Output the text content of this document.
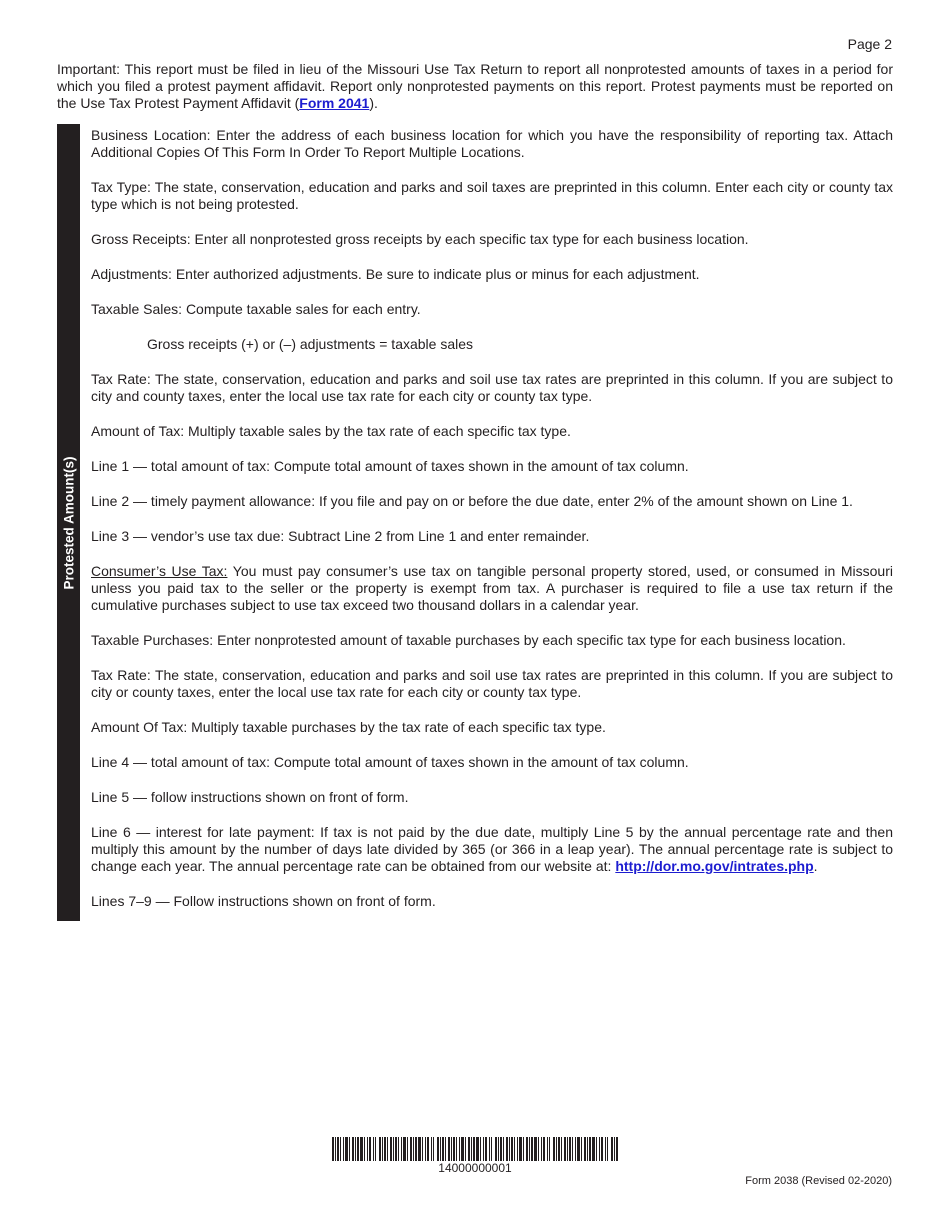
Page 2

Important: This report must be filed in lieu of the Missouri Use Tax Return to report all nonprotested amounts of taxes in a period for which you filed a protest payment affidavit. Report only nonprotested payments on this report. Protest payments must be reported on the Use Tax Protest Payment Affidavit (Form 2041).

Protested Amount(s)

Business Location: Enter the address of each business location for which you have the responsibility of reporting tax. Attach Additional Copies Of This Form In Order To Report Multiple Locations.

Tax Type: The state, conservation, education and parks and soil taxes are preprinted in this column. Enter each city or county tax type which is not being protested.

Gross Receipts: Enter all nonprotested gross receipts by each specific tax type for each business location.

Adjustments: Enter authorized adjustments. Be sure to indicate plus or minus for each adjustment.

Taxable Sales: Compute taxable sales for each entry.

Gross receipts (+) or (–) adjustments = taxable sales

Tax Rate: The state, conservation, education and parks and soil use tax rates are preprinted in this column. If you are subject to city and county taxes, enter the local use tax rate for each city or county tax type.

Amount of Tax: Multiply taxable sales by the tax rate of each specific tax type.

Line 1 — total amount of tax: Compute total amount of taxes shown in the amount of tax column.

Line 2 — timely payment allowance: If you file and pay on or before the due date, enter 2% of the amount shown on Line 1.

Line 3 — vendor’s use tax due: Subtract Line 2 from Line 1 and enter remainder.

Consumer’s Use Tax: You must pay consumer’s use tax on tangible personal property stored, used, or consumed in Missouri unless you paid tax to the seller or the property is exempt from tax. A purchaser is required to file a use tax return if the cumulative purchases subject to use tax exceed two thousand dollars in a calendar year.

Taxable Purchases: Enter nonprotested amount of taxable purchases by each specific tax type for each business location.

Tax Rate: The state, conservation, education and parks and soil use tax rates are preprinted in this column. If you are subject to city or county taxes, enter the local use tax rate for each city or county tax type.

Amount Of Tax: Multiply taxable purchases by the tax rate of each specific tax type.

Line 4 — total amount of tax: Compute total amount of taxes shown in the amount of tax column.

Line 5 — follow instructions shown on front of form.

Line 6 — interest for late payment: If tax is not paid by the due date, multiply Line 5 by the annual percentage rate and then multiply this amount by the number of days late divided by 365 (or 366 in a leap year). The annual percentage rate is subject to change each year. The annual percentage rate can be obtained from our website at: http://dor.mo.gov/intrates.php.

Lines 7–9 — Follow instructions shown on front of form.

14000000001
Form 2038 (Revised 02-2020)
